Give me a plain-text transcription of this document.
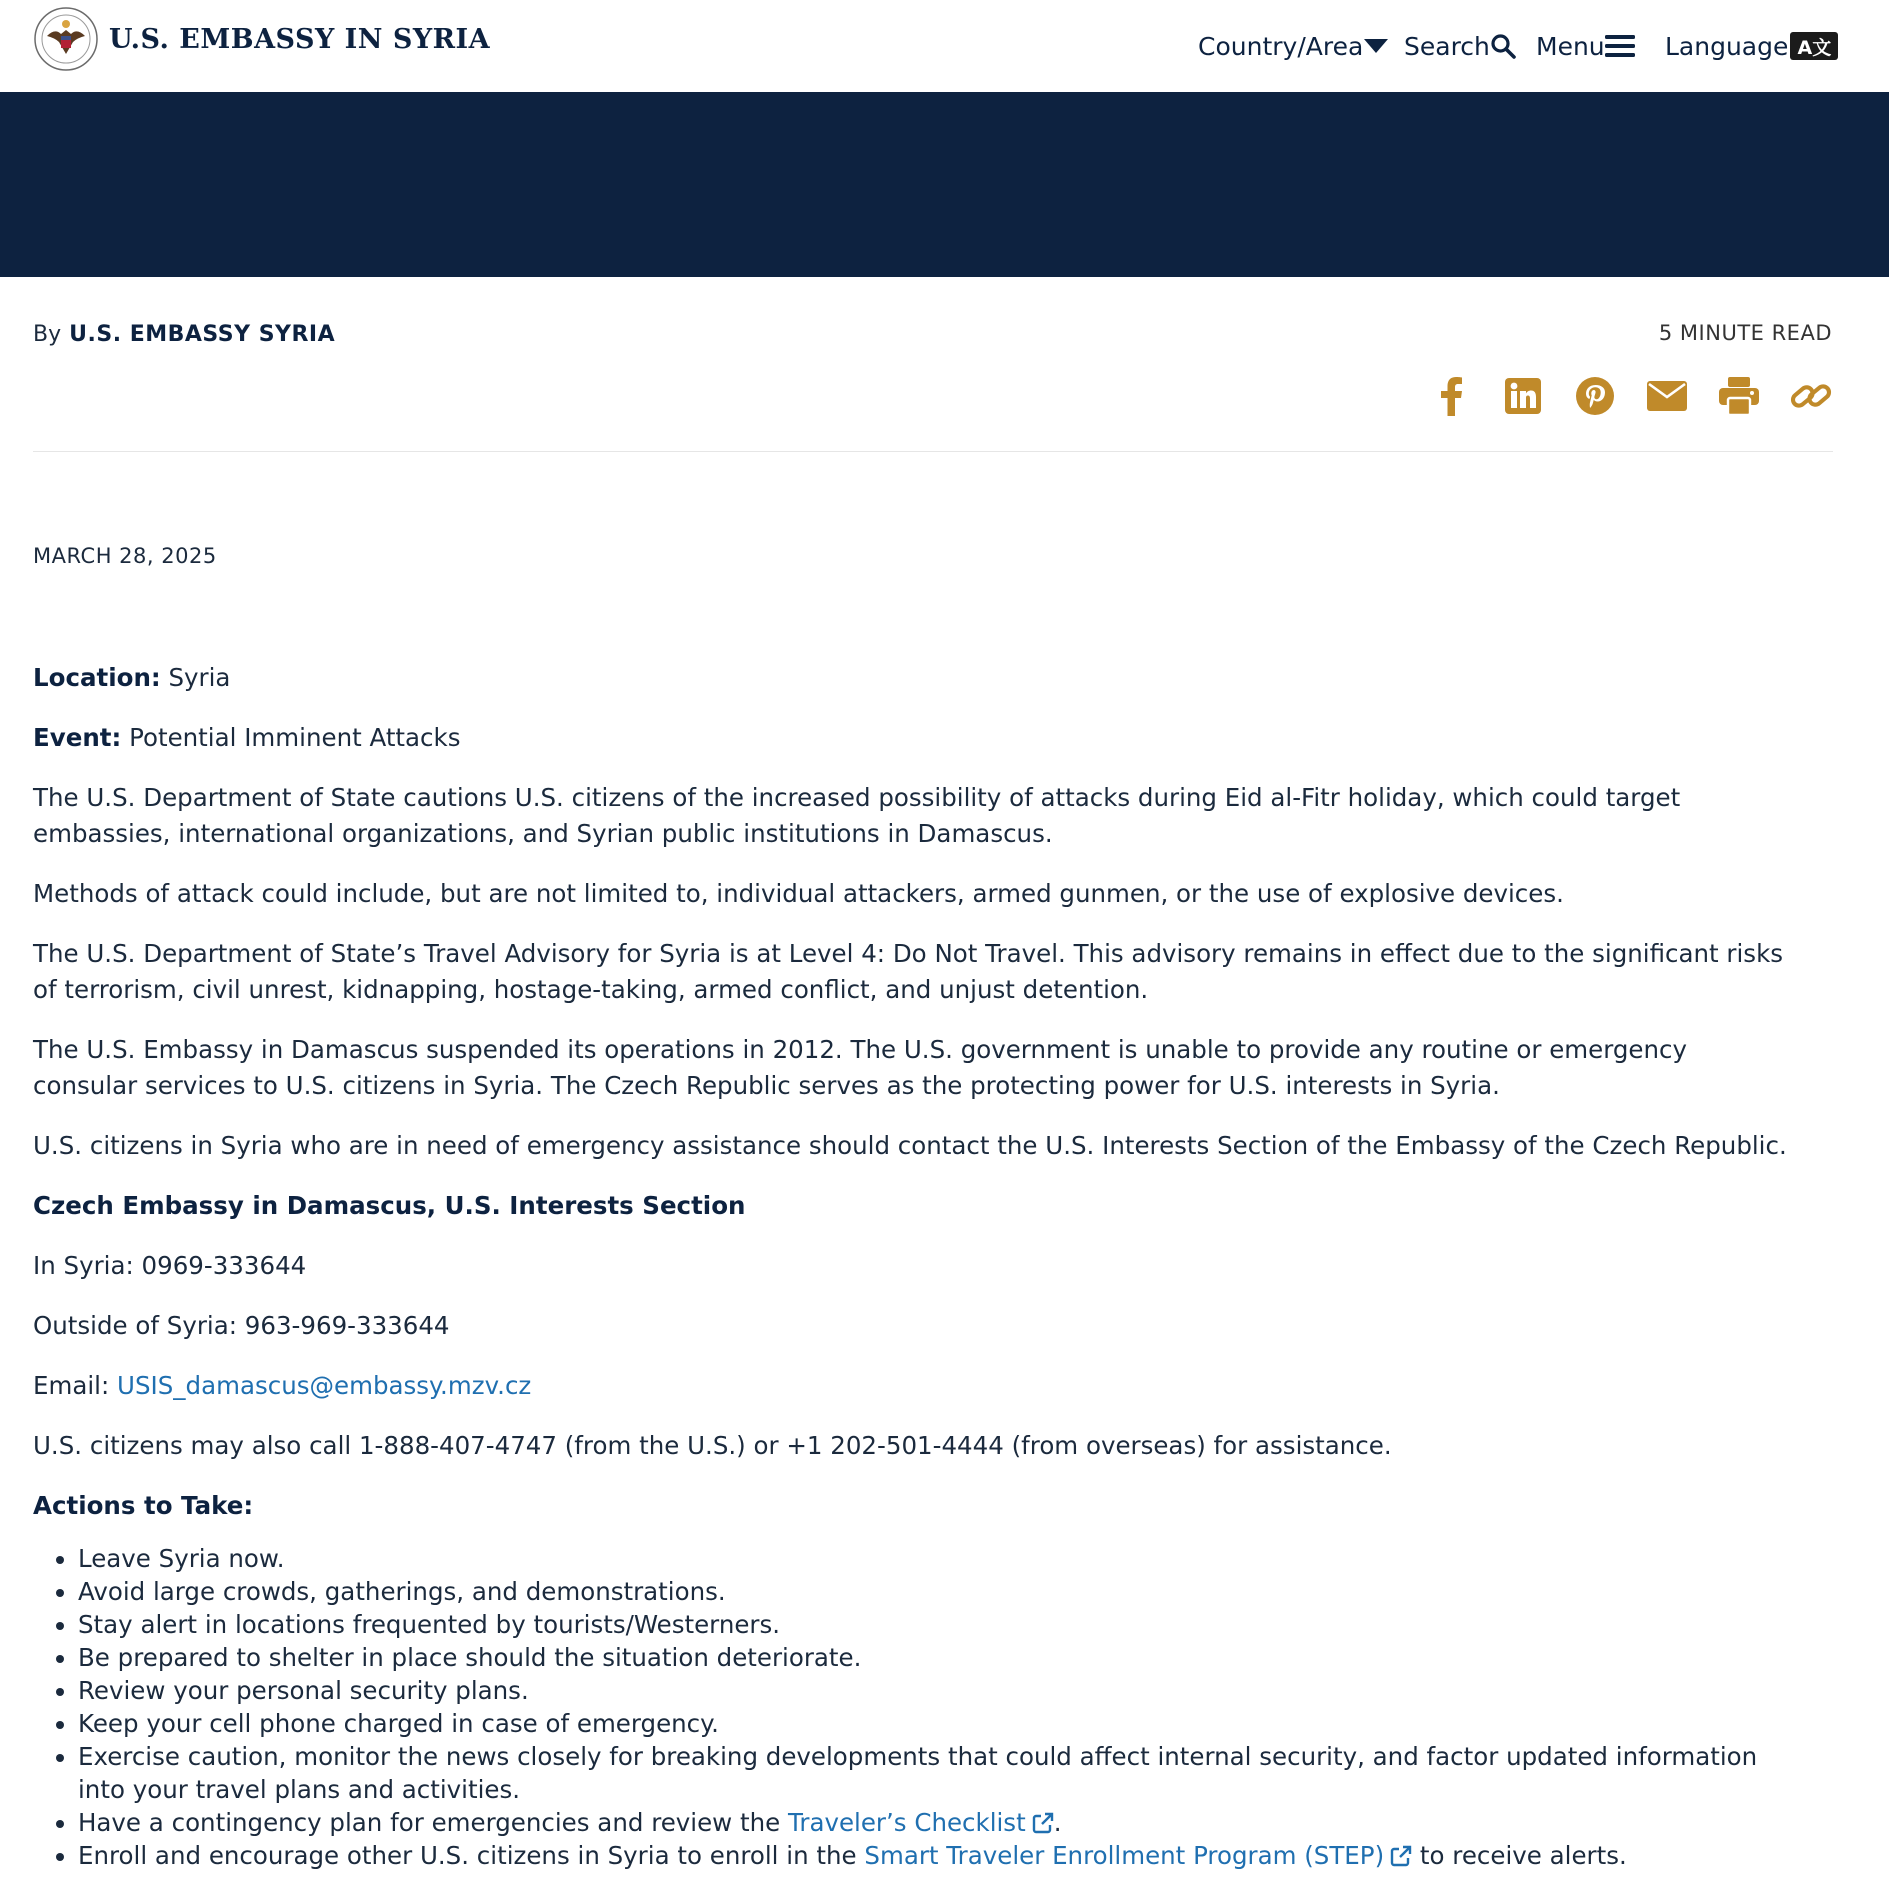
U.S. EMBASSY IN SYRIA	Country/Area Search Menu Language A文
By U.S. EMBASSY SYRIA	5 MINUTE READ
MARCH 28, 2025

Location: Syria

Event: Potential Imminent Attacks

The U.S. Department of State cautions U.S. citizens of the increased possibility of attacks during Eid al-Fitr holiday, which could target embassies, international organizations, and Syrian public institutions in Damascus.

Methods of attack could include, but are not limited to, individual attackers, armed gunmen, or the use of explosive devices.

The U.S. Department of State’s Travel Advisory for Syria is at Level 4: Do Not Travel. This advisory remains in effect due to the significant risks of terrorism, civil unrest, kidnapping, hostage-taking, armed conflict, and unjust detention.

The U.S. Embassy in Damascus suspended its operations in 2012. The U.S. government is unable to provide any routine or emergency consular services to U.S. citizens in Syria. The Czech Republic serves as the protecting power for U.S. interests in Syria.

U.S. citizens in Syria who are in need of emergency assistance should contact the U.S. Interests Section of the Embassy of the Czech Republic.

Czech Embassy in Damascus, U.S. Interests Section

In Syria: 0969-333644

Outside of Syria: 963-969-333644

Email: USIS_damascus@embassy.mzv.cz

U.S. citizens may also call 1-888-407-4747 (from the U.S.) or +1 202-501-4444 (from overseas) for assistance.

Actions to Take:

• Leave Syria now.
• Avoid large crowds, gatherings, and demonstrations.
• Stay alert in locations frequented by tourists/Westerners.
• Be prepared to shelter in place should the situation deteriorate.
• Review your personal security plans.
• Keep your cell phone charged in case of emergency.
• Exercise caution, monitor the news closely for breaking developments that could affect internal security, and factor updated information into your travel plans and activities.
• Have a contingency plan for emergencies and review the Traveler’s Checklist .
• Enroll and encourage other U.S. citizens in Syria to enroll in the Smart Traveler Enrollment Program (STEP) to receive alerts.
